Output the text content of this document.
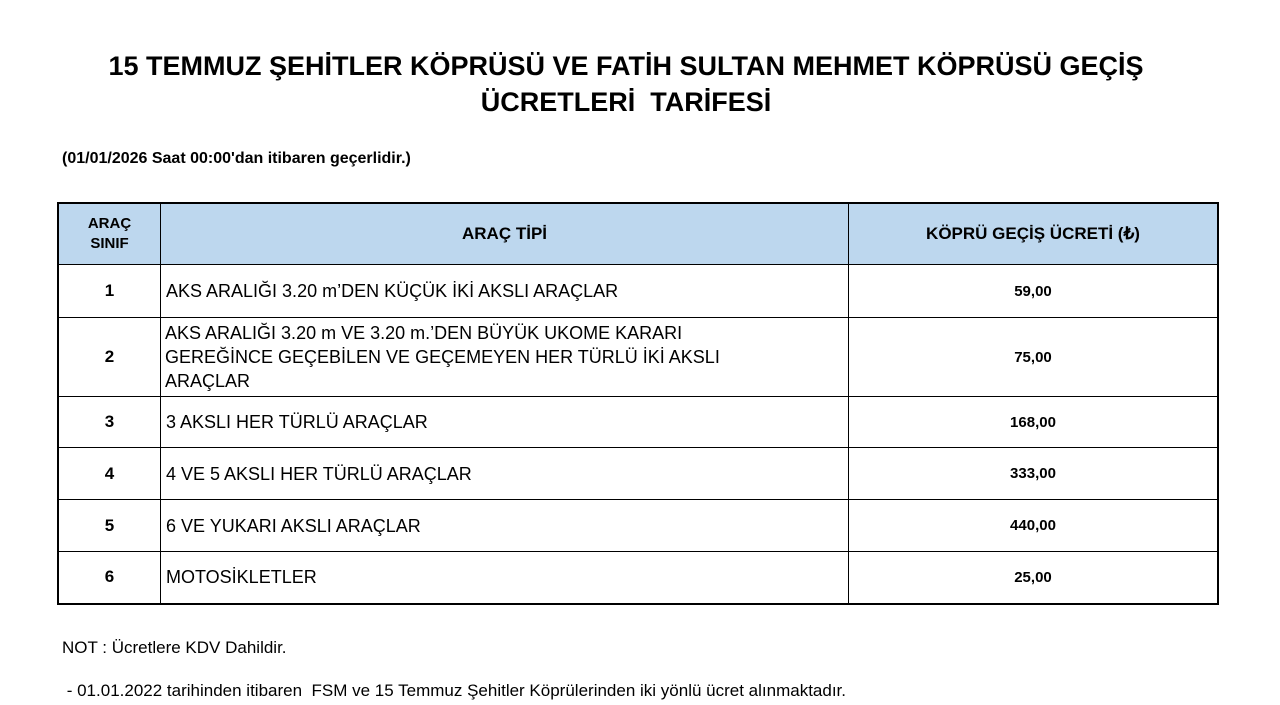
15 TEMMUZ ŞEHİTLER KÖPRÜSÜ VE FATİH SULTAN MEHMET KÖPRÜSÜ GEÇİŞ
ÜCRETLERİ  TARİFESİ
(01/01/2026 Saat 00:00'dan itibaren geçerlidir.)
ARAÇ
SINIF	ARAÇ TİPİ	KÖPRÜ GEÇİŞ ÜCRETİ (₺)
1	AKS ARALIĞI 3.20 m’DEN KÜÇÜK İKİ AKSLI ARAÇLAR	59,00
2	AKS ARALIĞI 3.20 m VE 3.20 m.’DEN BÜYÜK UKOME KARARI GEREĞİNCE GEÇEBİLEN VE GEÇEMEYEN HER TÜRLÜ İKİ AKSLI ARAÇLAR	75,00
3	3 AKSLI HER TÜRLÜ ARAÇLAR	168,00
4	4 VE 5 AKSLI HER TÜRLÜ ARAÇLAR	333,00
5	6 VE YUKARI AKSLI ARAÇLAR	440,00
6	MOTOSİKLETLER	25,00
NOT : Ücretlere KDV Dahildir.
- 01.01.2022 tarihinden itibaren  FSM ve 15 Temmuz Şehitler Köprülerinden iki yönlü ücret alınmaktadır.
